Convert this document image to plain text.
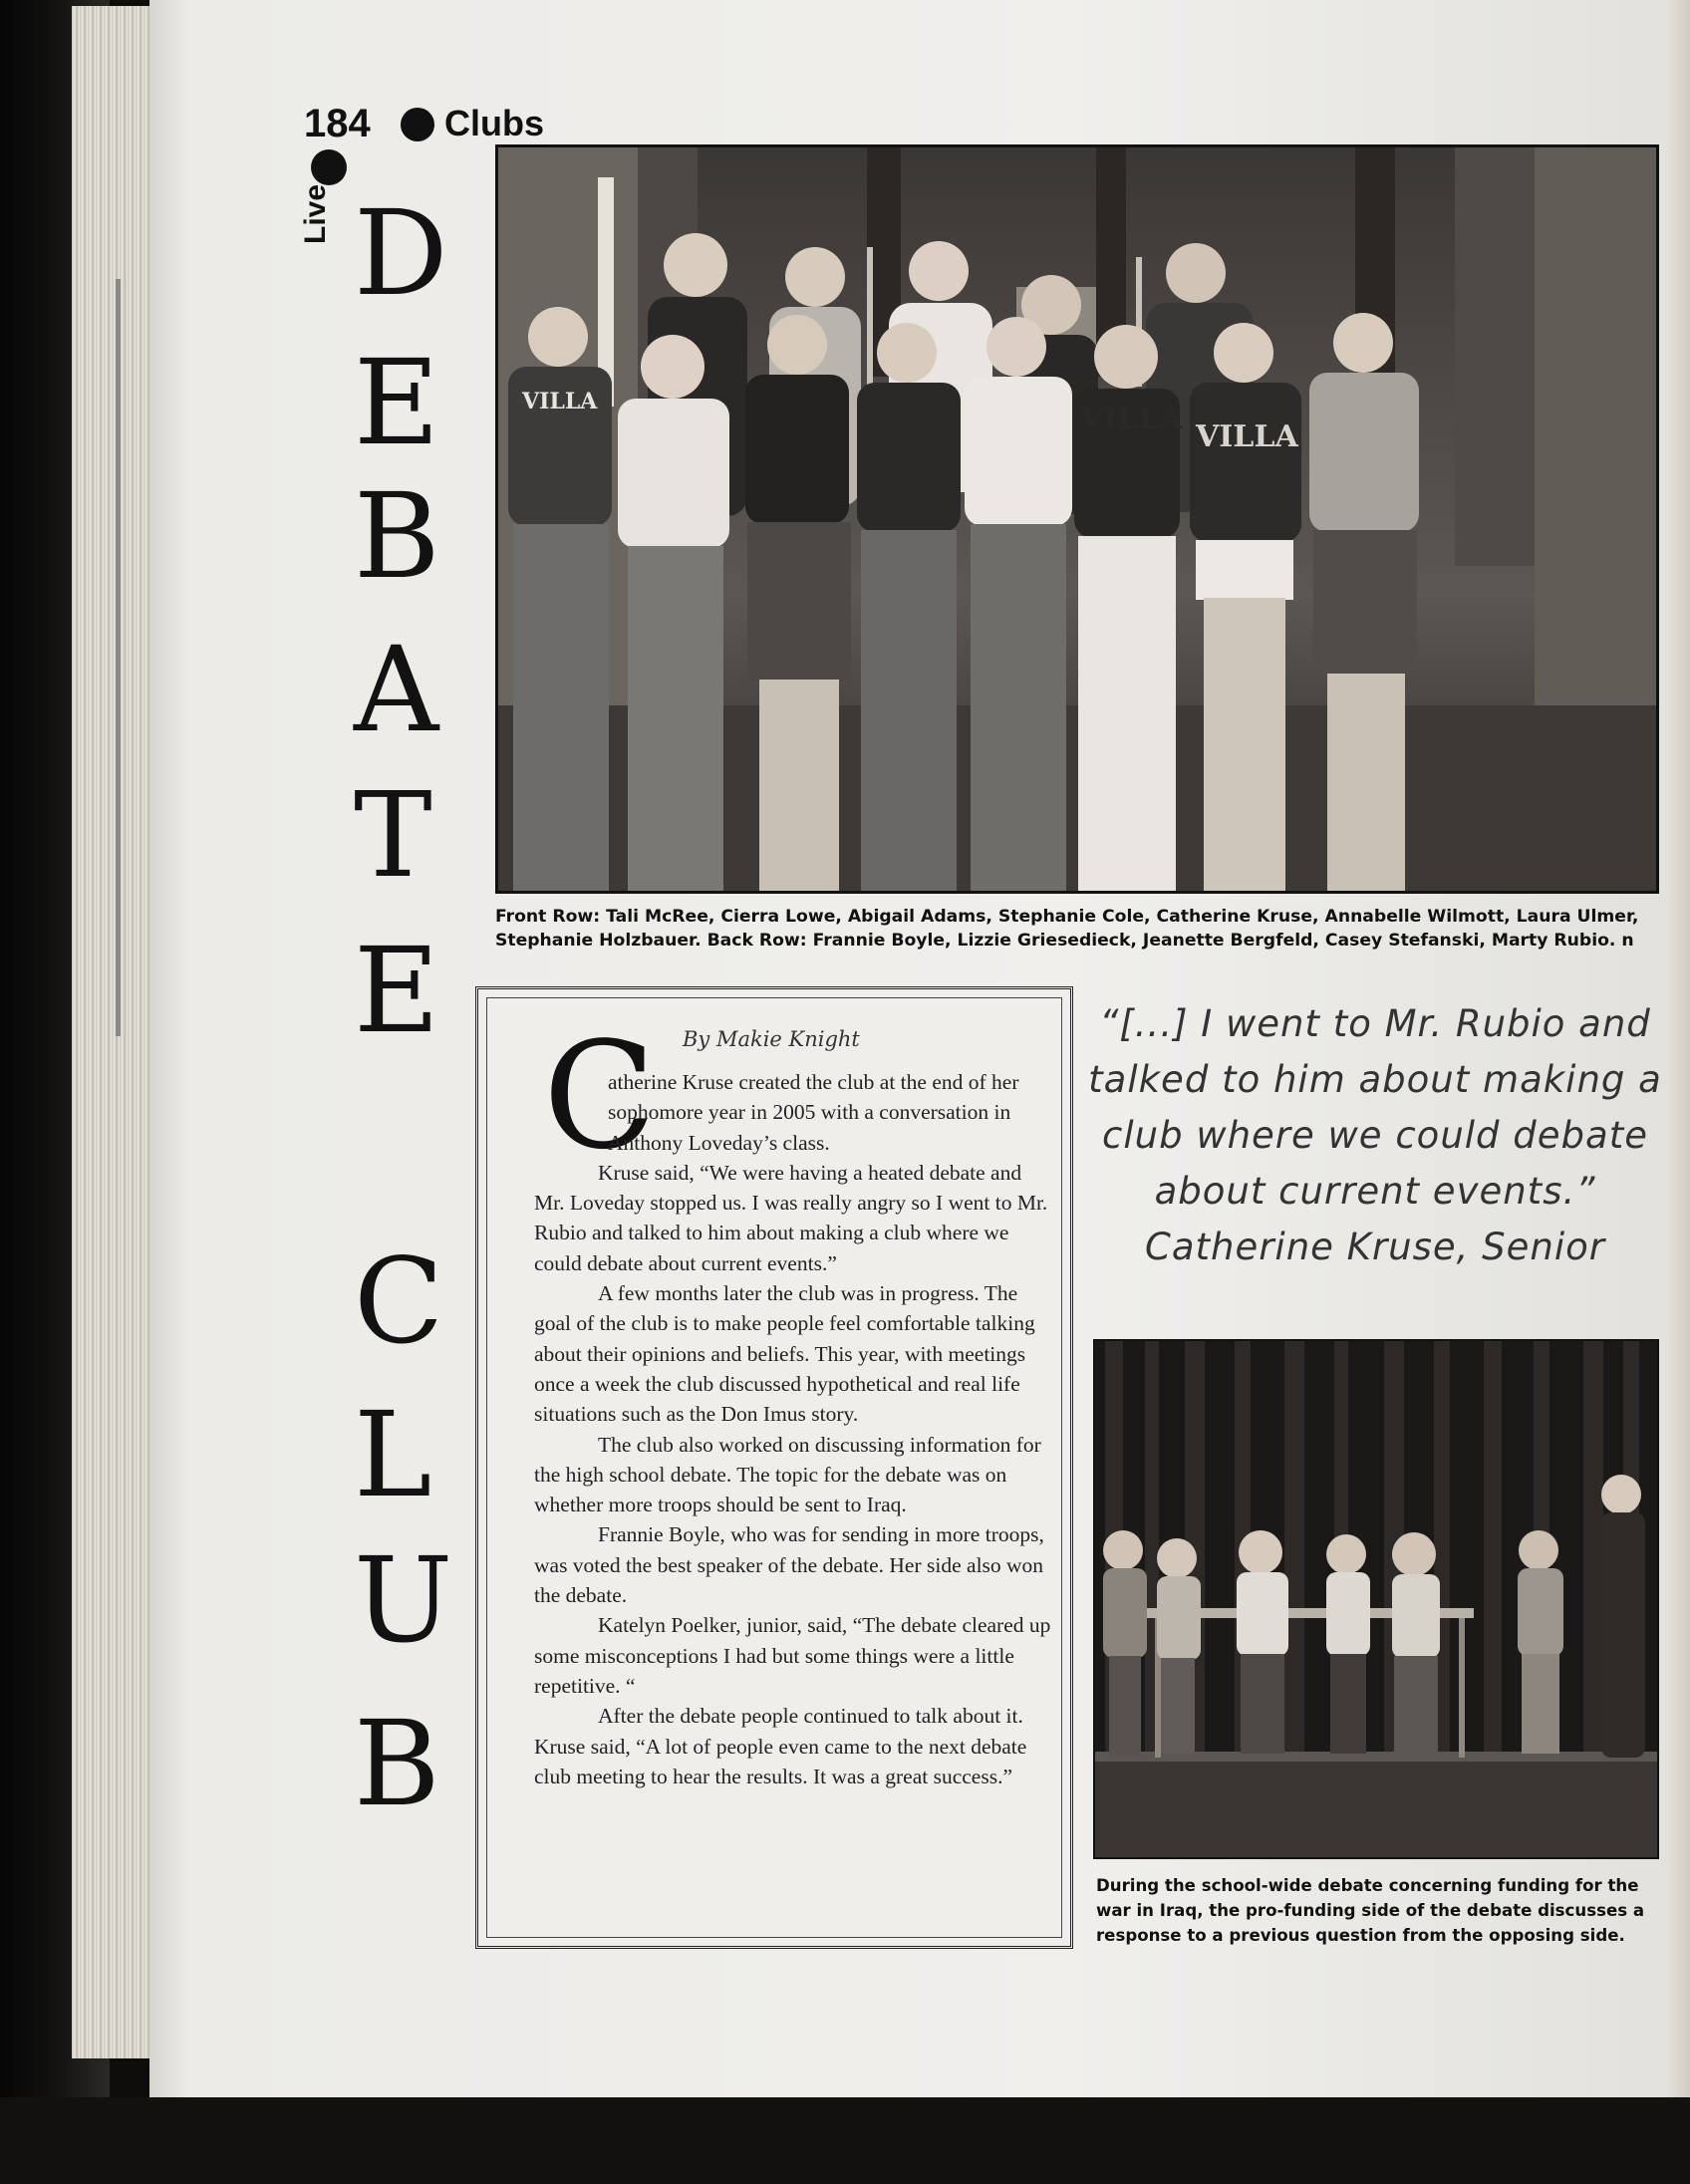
184 Clubs
Live D
E
B
A
T
E
C
L
U
B
VILLA	VILLA
VILLA
Front Row: Tali McRee, Cierra Lowe, Abigail Adams, Stephanie Cole, Catherine Kruse, Annabelle Wilmott, Laura Ulmer, Stephanie Holzbauer. Back Row: Frannie Boyle, Lizzie Griesedieck, Jeanette Bergfeld, Casey Stefanski, Marty Rubio. n
C By Makie Knight

atherine Kruse created the club at the end of her sophomore year in 2005 with a conversation in Anthony Loveday’s class.

Kruse said, “We were having a heated debate and Mr. Loveday stopped us. I was really angry so I went to Mr. Rubio and talked to him about making a club where we could debate about current events.”

A few months later the club was in progress. The goal of the club is to make people feel comfortable talking about their opinions and beliefs. This year, with meetings once a week the club discussed hypothetical and real life situations such as the Don Imus story.

The club also worked on discussing information for the high school debate. The topic for the debate was on whether more troops should be sent to Iraq.

Frannie Boyle, who was for sending in more troops, was voted the best speaker of the debate. Her side also won the debate.

Katelyn Poelker, junior, said, “The debate cleared up some misconceptions I had but some things were a little repetitive. “

After the debate people continued to talk about it. Kruse said, “A lot of people even came to the next debate club meeting to hear the results. It was a great success.”

“[...] I went to Mr. Rubio and talked to him about making a club where we could debate about current events.” Catherine Kruse, Senior
During the school-wide debate concerning funding for the war in Iraq, the pro-funding side of the debate discusses a response to a previous question from the opposing side.
